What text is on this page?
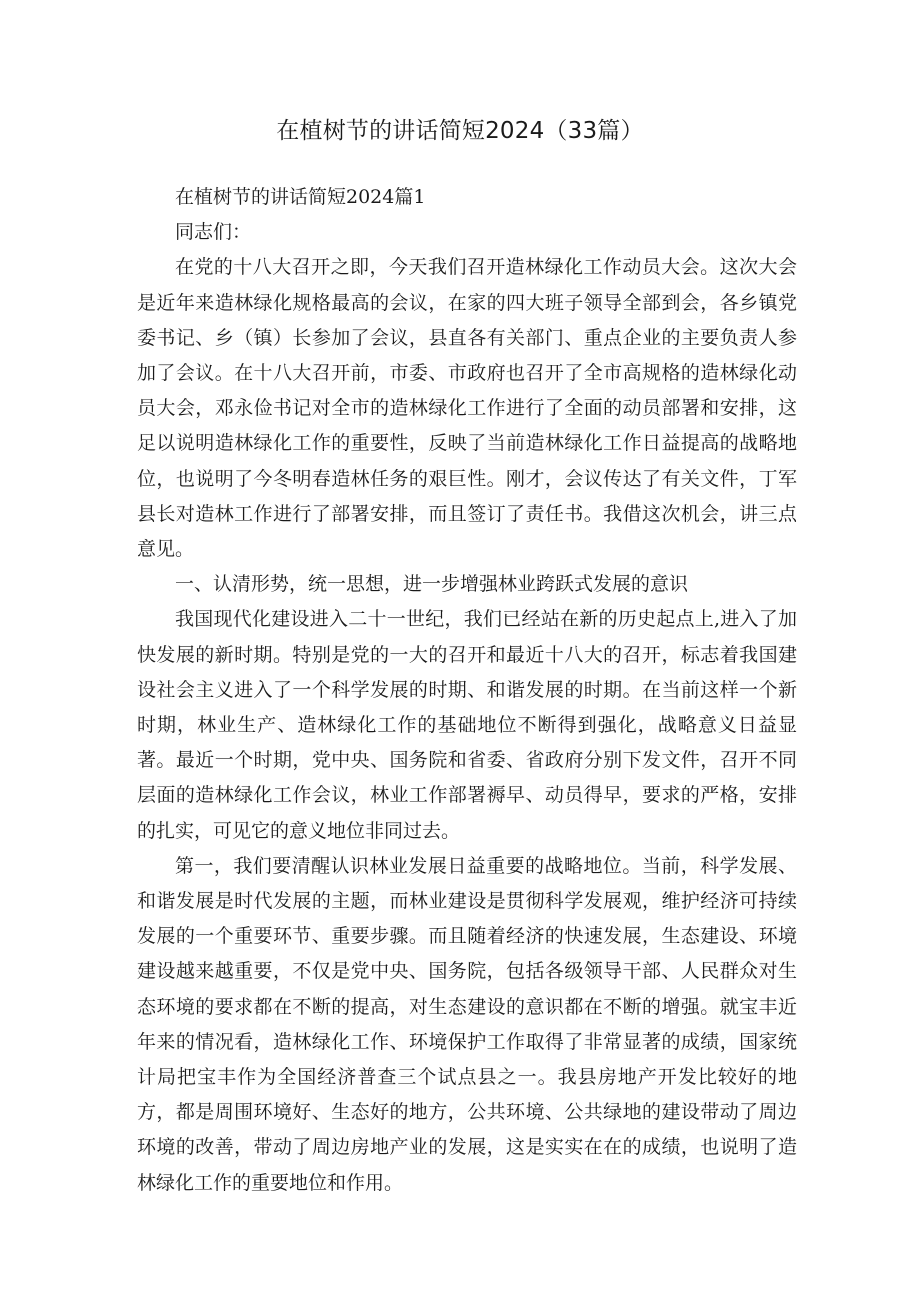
在植树节的讲话简短2024（33篇）

在植树节的讲话简短2024篇1

同志们：

在党的十八大召开之即，今天我们召开造林绿化工作动员大会。这次大会是近年来造林绿化规格最高的会议，在家的四大班子领导全部到会，各乡镇党委书记、乡（镇）长参加了会议，县直各有关部门、重点企业的主要负责人参加了会议。在十八大召开前，市委、市政府也召开了全市高规格的造林绿化动员大会，邓永俭书记对全市的造林绿化工作进行了全面的动员部署和安排，这足以说明造林绿化工作的重要性，反映了当前造林绿化工作日益提高的战略地位，也说明了今冬明春造林任务的艰巨性。刚才，会议传达了有关文件，丁军县长对造林工作进行了部署安排，而且签订了责任书。我借这次机会，讲三点意见。

一、认清形势，统一思想，进一步增强林业跨跃式发展的意识

我国现代化建设进入二十一世纪，我们已经站在新的历史起点上,进入了加快发展的新时期。特别是党的一大的召开和最近十八大的召开，标志着我国建设社会主义进入了一个科学发展的时期、和谐发展的时期。在当前这样一个新时期，林业生产、造林绿化工作的基础地位不断得到强化，战略意义日益显著。最近一个时期，党中央、国务院和省委、省政府分别下发文件，召开不同层面的造林绿化工作会议，林业工作部署褥早、动员得早，要求的严格，安排的扎实，可见它的意义地位非同过去。

第一，我们要清醒认识林业发展日益重要的战略地位。当前，科学发展、和谐发展是时代发展的主题，而林业建设是贯彻科学发展观，维护经济可持续发展的一个重要环节、重要步骤。而且随着经济的快速发展，生态建设、环境建设越来越重要，不仅是党中央、国务院，包括各级领导干部、人民群众对生态环境的要求都在不断的提高，对生态建设的意识都在不断的增强。就宝丰近年来的情况看，造林绿化工作、环境保护工作取得了非常显著的成绩，国家统计局把宝丰作为全国经济普查三个试点县之一。我县房地产开发比较好的地方，都是周围环境好、生态好的地方，公共环境、公共绿地的建设带动了周边环境的改善，带动了周边房地产业的发展，这是实实在在的成绩，也说明了造林绿化工作的重要地位和作用。
